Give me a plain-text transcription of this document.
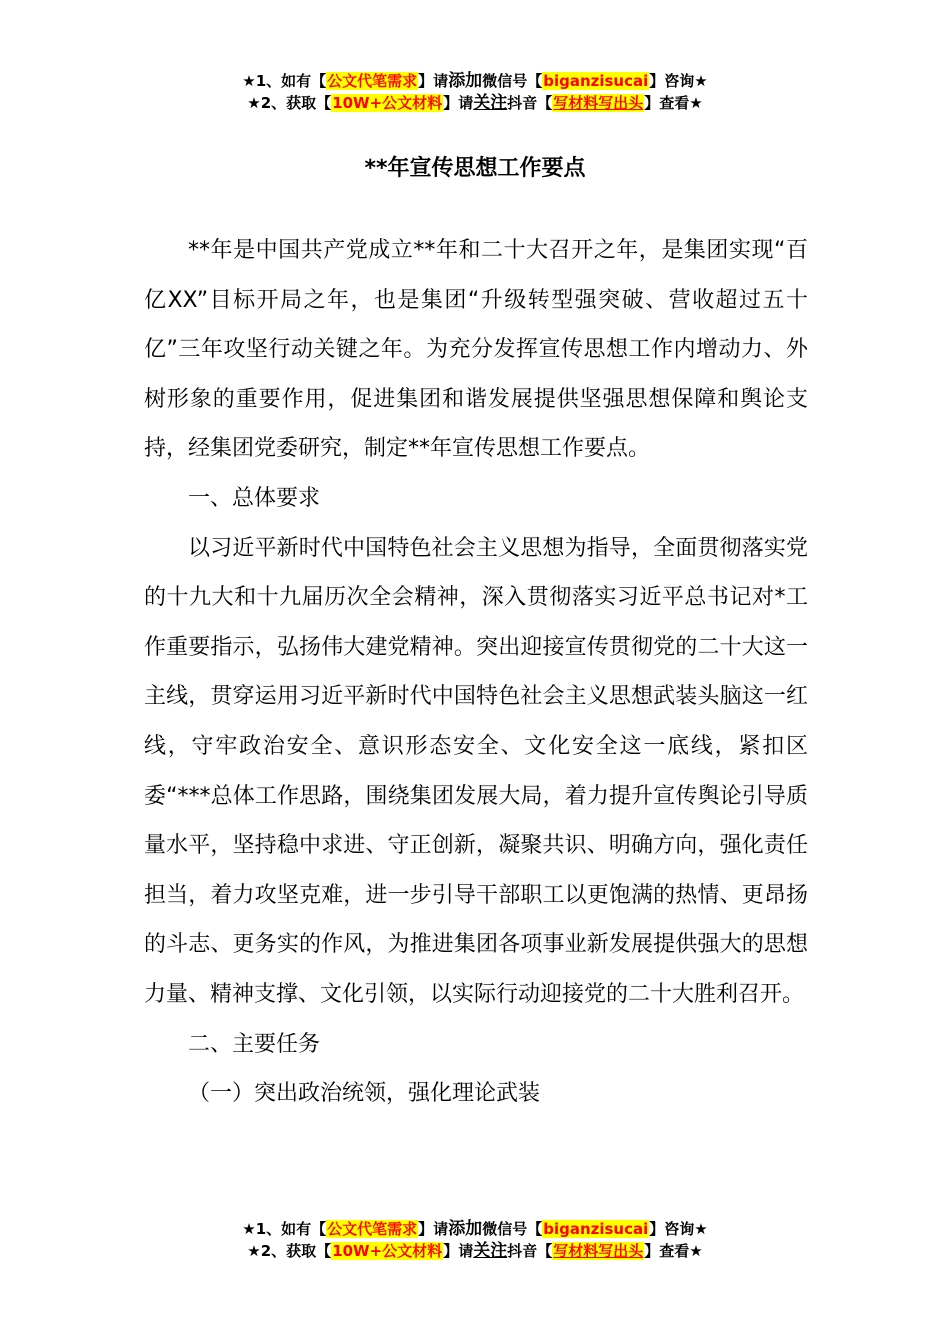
★1、如有【公文代笔需求】请添加微信号【biganzisucai】咨询★
★2、获取【10W+公文材料】请关注抖音【写材料写出头】查看★
**年宣传思想工作要点

**年是中国共产党成立**年和二十大召开之年，是集团实现“百亿XX”目标开局之年，也是集团“升级转型强突破、营收超过五十亿”三年攻坚行动关键之年。为充分发挥宣传思想工作内增动力、外树形象的重要作用，促进集团和谐发展提供坚强思想保障和舆论支持，经集团党委研究，制定**年宣传思想工作要点。

一、总体要求

以习近平新时代中国特色社会主义思想为指导，全面贯彻落实党的十九大和十九届历次全会精神，深入贯彻落实习近平总书记对*工作重要指示，弘扬伟大建党精神。突出迎接宣传贯彻党的二十大这一主线，贯穿运用习近平新时代中国特色社会主义思想武装头脑这一红线，守牢政治安全、意识形态安全、文化安全这一底线，紧扣区委“***总体工作思路，围绕集团发展大局，着力提升宣传舆论引导质量水平，坚持稳中求进、守正创新，凝聚共识、明确方向，强化责任担当，着力攻坚克难，进一步引导干部职工以更饱满的热情、更昂扬的斗志、更务实的作风，为推进集团各项事业新发展提供强大的思想力量、精神支撑、文化引领，以实际行动迎接党的二十大胜利召开。

二、主要任务

（一）突出政治统领，强化理论武装

★1、如有【公文代笔需求】请添加微信号【biganzisucai】咨询★
★2、获取【10W+公文材料】请关注抖音【写材料写出头】查看★
